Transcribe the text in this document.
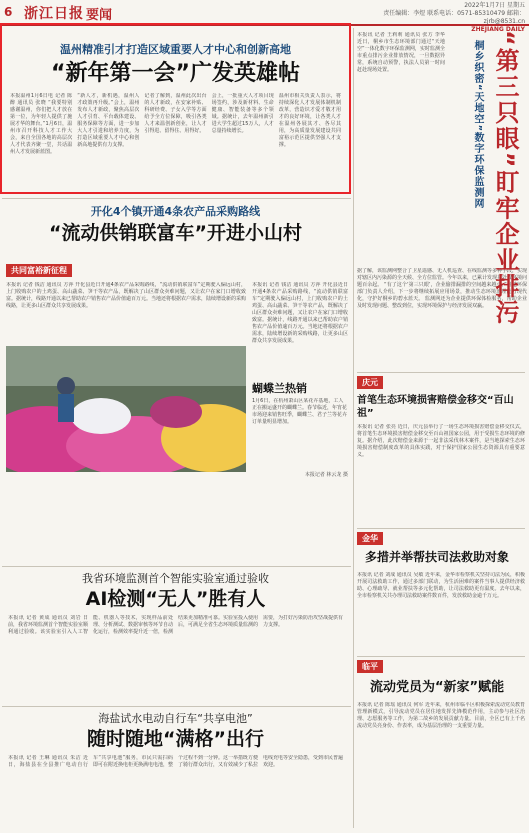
6 浙江日报 要闻
2022年1月7日 星期五
责任编辑：李煜 联系电话：0571-85310479 邮箱：zjrb@8531.cn
ZHEJIANG DAILY
温州精准引才打造区域重要人才中心和创新高地
“新年第一会”广发英雄帖
本报温州1月6日电 记者 陈醉 通讯员 张晓 “我要特别感谢温州，你们把人才放在第一位，为年轻人提供了施展才华的舞台。”1月6日，温州市召开科技人才工作大会，来自全国各地的高层次人才代表齐聚一堂，共话温州人才发展新蓝图。
“新人才，新机遇，温州人才政策再升级。”会上，温州发布人才新政，聚焦高层次人才引育、平台载体建设、服务保障等方面，进一步加大人才引进和培养力度，为打造区域重要人才中心和创新高地提供有力支撑。
记者了解到，温州此次出台的人才新政，在安家补贴、科研经费、子女入学等方面给予全方位保障，吸引各类人才来温创新创业，让人才引得进、留得住、用得好。
会上，一批重大人才项目现场签约，涉及新材料、生命健康、智能装备等多个领域。据统计，去年温州新引进大学生超过15万人，人才总量持续增长。
温州市相关负责人表示，将持续深化人才发展体制机制改革，营造识才爱才敬才用才的良好环境，让各类人才在温州各展其才、各尽其用，为高质量发展建设共同富裕示范区提供坚强人才支撑。
本报讯 记者 王莉莉 通讯员 张方 李华 近日，桐乡市生态环境部门通过“天地空”一体化数字环保监测网，实时监测全市重点排污企业排放情况，一旦数据异常，系统自动预警，执法人员第一时间赶赴现场处置。
据了解，该监测网整合了卫星遥感、无人机巡查、在线监测等多种手段，实现对辖区内污染源的全天候、全方位监管。今年以来，已累计发现并处置环境问题百余起。 “有了这个‘第三只眼’，企业偷排漏排的空间越来越小。”当地环保部门负责人介绍，下一步将继续拓展应用场景，推动生态环境治理能力现代化，守护好桐乡的碧水蓝天。 监测网还为企业提供环保体检服务，帮助企业及时发现问题、整改到位，实现环境保护与经济发展双赢。
桐乡织密“天地空”数字环保监测网 “第三只眼”盯牢企业排污
庆元
首笔生态环境损害赔偿金移交“百山祖”
本报讯 记者 张亮 近日，庆元县举行了一场生态环境损害赔偿金移交仪式，将首笔生态环境损害赔偿金移交至百山祖国家公园，用于受损生态环境的修复。据介绍，此次赔偿金来源于一起非法采伐林木案件，是当地探索生态环境损害赔偿制度改革的具体实践，对于保护国家公园生态资源具有重要意义。
金华
多措并举帮扶司法救助对象
本报讯 记者 刘成 通讯员 吴敏 近年来，金华市检察机关坚持司法为民，积极开展司法救助工作，通过多部门联动，为生活困难的案件当事人提供经济救助、心理疏导、就业帮扶等多元化帮助，让司法救助更有温度。去年以来，全市检察机关共办理司法救助案件数百件，发放救助金逾千万元。
临平
流动党员为“新家”赋能
本报讯 记者 陈瑶 通讯员 何军 近年来，杭州市临平区积极探索流动党员教育管理新模式，引导流动党员在居住地发挥先锋模范作用，主动参与社区治理、志愿服务等工作，为第二故乡的发展贡献力量。目前，全区已有上千名流动党员亮身份、作表率，成为基层治理的一支重要力量。
开化4个镇开通4条农产品采购路线
“流动供销联富车”开进小山村
共同富裕新征程
本报讯 记者 钱洁 通讯员 方萍 开化县近日开通4条农产品采购路线，“流动供销联富车”定期驶入偏远山村，上门收购农户的土鸡蛋、高山蔬菜、笋干等农产品，既解决了山区群众卖难问题，又让农户在家门口增收致富。据统计，线路开通以来已帮助农户销售农产品价值逾百万元。当地还将根据农户需求，陆续增设新的采购线路，让更多山区群众共享发展成果。
蝴蝶兰热销
1月6日，在杭州萧山区某花卉基地，工人正在搬运盛开的蝴蝶兰。春节临近，年宵花市场迎来销售旺季，蝴蝶兰、君子兰等花卉订单量明显增加。
本报记者 林云龙 摄
本报讯 记者 钱洁 通讯员 方萍 开化县近日开通4条农产品采购路线，“流动供销联富车”定期驶入偏远山村，上门收购农户的土鸡蛋、高山蔬菜、笋干等农产品，既解决了山区群众卖难问题，又让农户在家门口增收致富。据统计，线路开通以来已帮助农户销售农产品价值逾百万元。当地还将根据农户需求，陆续增设新的采购线路，让更多山区群众共享发展成果。
我省环境监测首个智能实验室通过验收
AI检测“无人”胜有人
本报讯 记者 黄成 通讯员 刘岩 日前，我省环境监测首个智能实验室顺利通过验收。该实验室引入人工智能、机器人等技术，实现样品前处理、分析测试、数据审核等环节自动化运行，检测效率提升近一倍，检测结果更加精准可靠。实验室投入使用后，可满足全省生态环境质量监测的需要，为打好污染防治攻坚战提供有力支撑。
海盐试水电动自行车“共享电池”
随时随地“满格”出行
本报讯 记者 王琳 通讯员 朱洁 近日，海盐县在全县推广电动自行车“共享电池”服务，市民只需扫码即可在附近换电柜更换满电电池，整个过程不到一分钟。这一举措既方便了骑行群众出行，又有效减少了私拉电线充电等安全隐患，受到市民普遍欢迎。
